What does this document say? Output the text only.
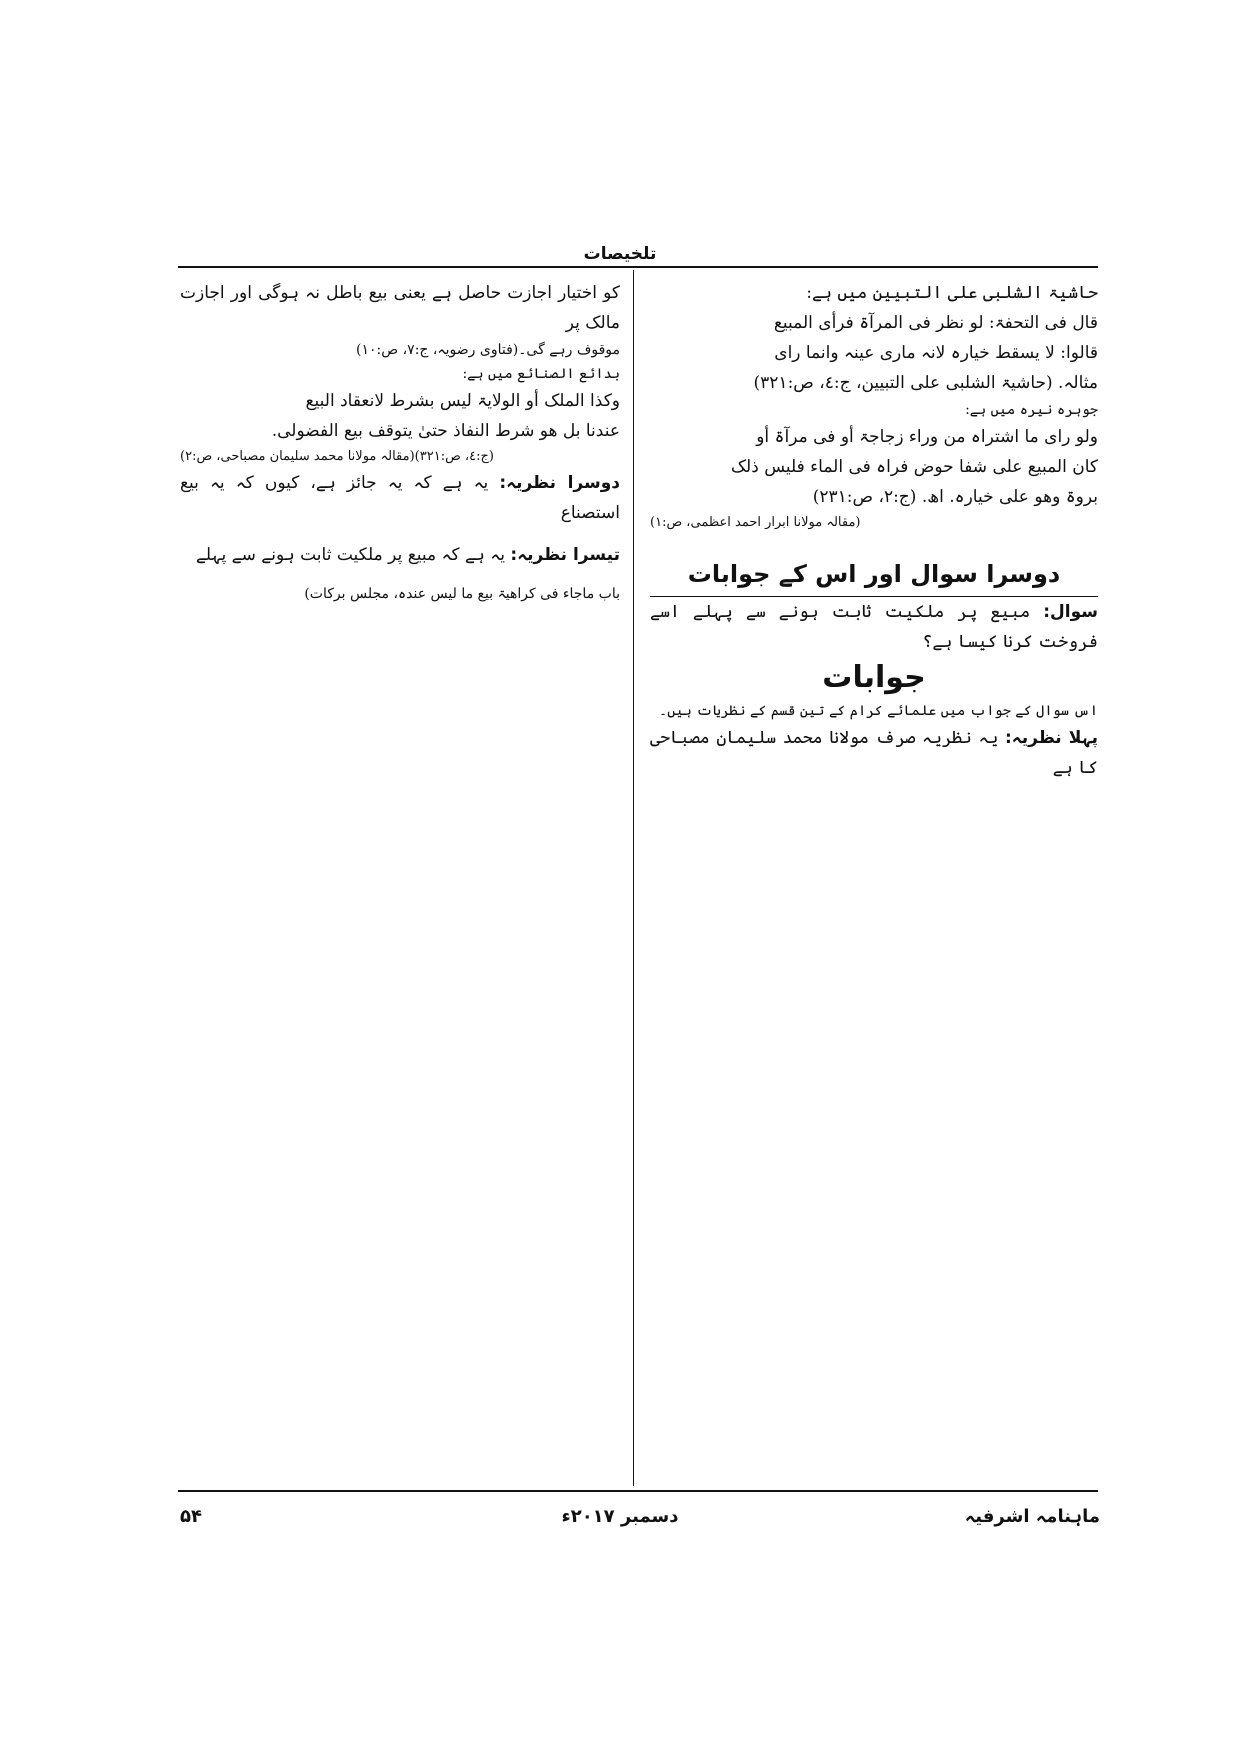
تلخیصات

حاشیۃ الشلبی علی التبیین میں ہے:

قال فی التحفۃ: لو نظر فی المرآۃ فرأی المبیع

قالوا: لا یسقط خیارہ لانہ ماری عینہ وانما رای

مثالہ. (حاشیۃ الشلبی علی التبیین، ج:٤، ص:٣٢١)

جوہرہ نیرہ میں ہے:

ولو رای ما اشتراہ من وراء زجاجۃ أو فی مرآۃ أو

کان المبیع علی شفا حوض فراہ فی الماء فلیس ذلک

بروۃ وھو علی خیارہ. اھ. (ج:٢، ص:٢٣١)

(مقالہ مولانا ابرار احمد اعظمی، ص:۱)

دوسرا سوال اور اس کے جوابات

سوال: مبیع پر ملکیت ثابت ہونے سے پہلے اسے فروخت کرنا کیسا ہے؟

جوابات

اس سوال کے جواب میں علمائے کرام کے تین قسم کے نظریات ہیں۔

پہلا نظریہ: یہ نظریہ صرف مولانا محمد سلیمان مصباحی کا ہے

کو اختیار اجازت حاصل ہے یعنی بیع باطل نہ ہوگی اور اجازت مالک پر

موقوف رہے گی۔(فتاوی رضویہ، ج:۷، ص:۱۰)

بدائع الصنائع میں ہے:

وکذا الملک أو الولایۃ لیس بشرط لانعقاد البیع

عندنا بل ھو شرط النفاذ حتیٰ یتوقف بیع الفضولی.

(ج:٤، ص:٣٢١)(مقالہ مولانا محمد سلیمان مصباحی، ص:۲)

دوسرا نظریہ: یہ ہے کہ یہ جائز ہے، کیوں کہ یہ بیع استصناع

تیسرا نظریہ: یہ ہے کہ مبیع پر ملکیت ثابت ہونے سے پہلے

باب ماجاء فی کراھیۃ بیع ما لیس عندہ، مجلس برکات)

ماہنامہ اشرفیہ
دسمبر ۲۰۱۷ء
۵۴
